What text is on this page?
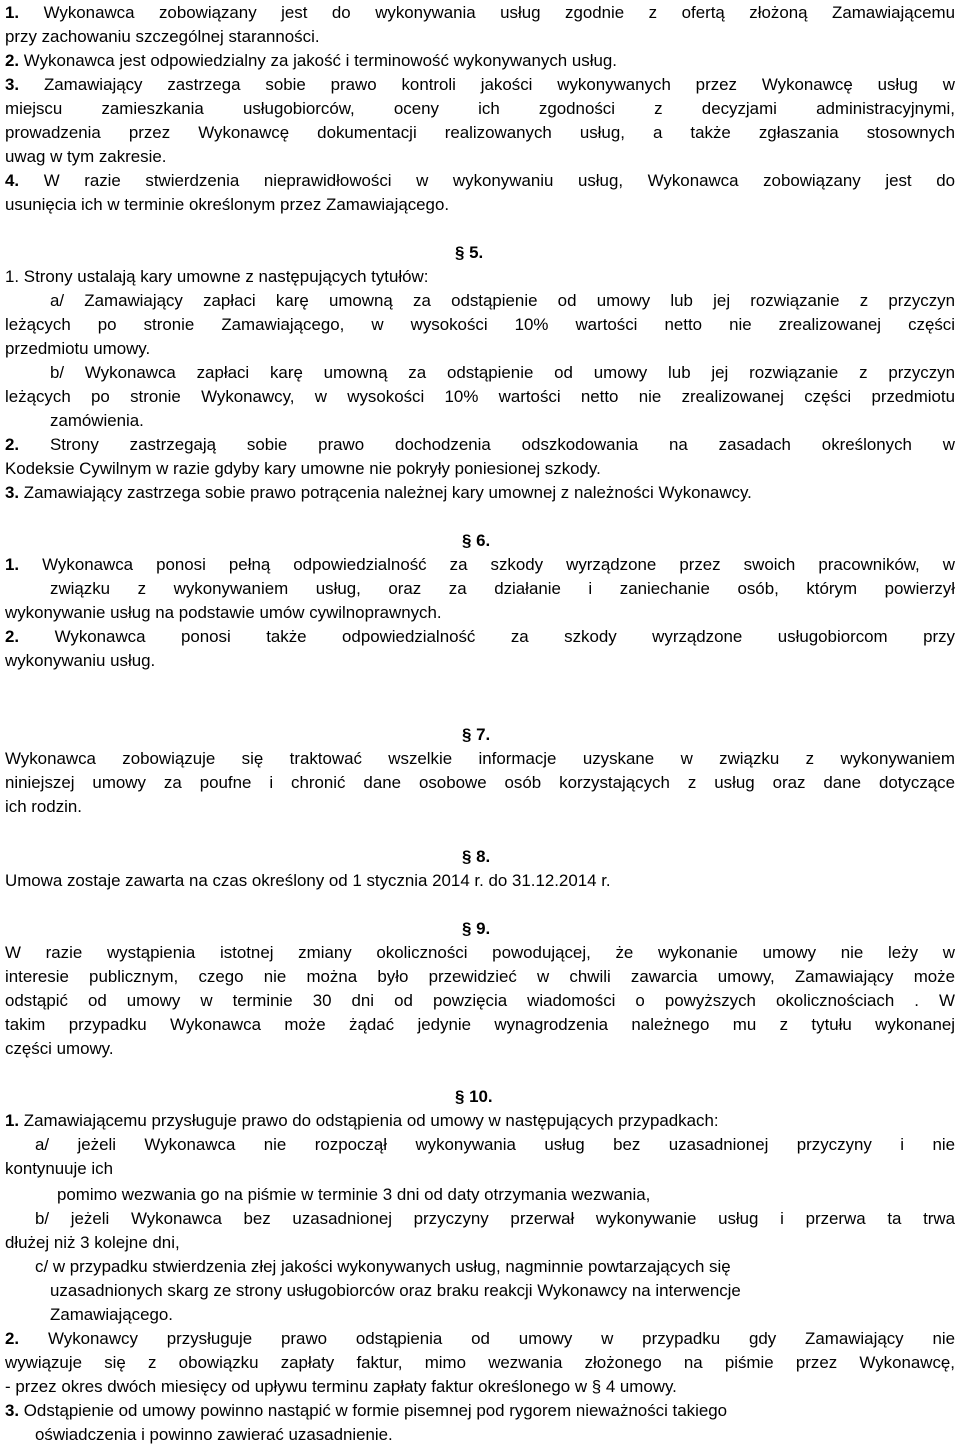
1. Wykonawca zobowiązany jest do wykonywania usług zgodnie z ofertą złożoną Zamawiającemu
przy zachowaniu szczególnej staranności.
2. Wykonawca jest odpowiedzialny za jakość i terminowość wykonywanych usług.
3. Zamawiający zastrzega sobie prawo kontroli jakości wykonywanych przez Wykonawcę usług w
miejscu zamieszkania usługobiorców, oceny ich zgodności z decyzjami administracyjnymi,
prowadzenia przez Wykonawcę dokumentacji realizowanych usług, a także zgłaszania stosownych
uwag w tym zakresie.
4. W razie stwierdzenia nieprawidłowości w wykonywaniu usług, Wykonawca zobowiązany jest do
usunięcia ich w terminie określonym przez Zamawiającego.
1. Strony ustalają kary umowne z następujących tytułów:
a/ Zamawiający zapłaci karę umowną za odstąpienie od umowy lub jej rozwiązanie z przyczyn
leżących po stronie Zamawiającego, w wysokości 10% wartości netto nie zrealizowanej części
przedmiotu umowy.
b/ Wykonawca zapłaci karę umowną za odstąpienie od umowy lub jej rozwiązanie z przyczyn
leżących po stronie Wykonawcy, w wysokości 10% wartości netto nie zrealizowanej części przedmiotu
zamówienia.
2. Strony zastrzegają sobie prawo dochodzenia odszkodowania na zasadach określonych w
Kodeksie Cywilnym w razie gdyby kary umowne nie pokryły poniesionej szkody.
3. Zamawiający zastrzega sobie prawo potrącenia należnej kary umownej z należności Wykonawcy.
1. Wykonawca ponosi pełną odpowiedzialność za szkody wyrządzone przez swoich pracowników, w
związku z wykonywaniem usług, oraz za działanie i zaniechanie osób, którym powierzył
wykonywanie usług na podstawie umów cywilnoprawnych.
2. Wykonawca ponosi także odpowiedzialność za szkody wyrządzone usługobiorcom przy
wykonywaniu usług.
Wykonawca zobowiązuje się traktować wszelkie informacje uzyskane w związku z wykonywaniem
niniejszej umowy za poufne i chronić dane osobowe osób korzystających z usług oraz dane dotyczące
ich rodzin.
Umowa zostaje zawarta na czas określony od 1 stycznia 2014 r. do 31.12.2014 r.
W razie wystąpienia istotnej zmiany okoliczności powodującej, że wykonanie umowy nie leży w
interesie publicznym, czego nie można było przewidzieć w chwili zawarcia umowy, Zamawiający może
odstąpić od umowy w terminie 30 dni od powzięcia wiadomości o powyższych okolicznościach . W
takim przypadku Wykonawca może żądać jedynie wynagrodzenia należnego mu z tytułu wykonanej
części umowy.
1. Zamawiającemu przysługuje prawo do odstąpienia od umowy w następujących przypadkach:
a/ jeżeli Wykonawca nie rozpoczął wykonywania usług bez uzasadnionej przyczyny i nie
kontynuuje ich
pomimo wezwania go na piśmie w terminie 3 dni od daty otrzymania wezwania,
b/ jeżeli Wykonawca bez uzasadnionej przyczyny przerwał wykonywanie usług i przerwa ta trwa
dłużej niż 3 kolejne dni,
c/ w przypadku stwierdzenia złej jakości wykonywanych usług, nagminnie powtarzających się
uzasadnionych skarg ze strony usługobiorców oraz braku reakcji Wykonawcy na interwencje
Zamawiającego.
2. Wykonawcy przysługuje prawo odstąpienia od umowy w przypadku gdy Zamawiający nie
wywiązuje się z obowiązku zapłaty faktur, mimo wezwania złożonego na piśmie przez Wykonawcę,
- przez okres dwóch miesięcy od upływu terminu zapłaty faktur określonego w § 4 umowy.
3. Odstąpienie od umowy powinno nastąpić w formie pisemnej pod rygorem nieważności takiego
oświadczenia i powinno zawierać uzasadnienie.
§ 5.
§ 6.
§ 7.
§ 8.
§ 9.
§ 10.
